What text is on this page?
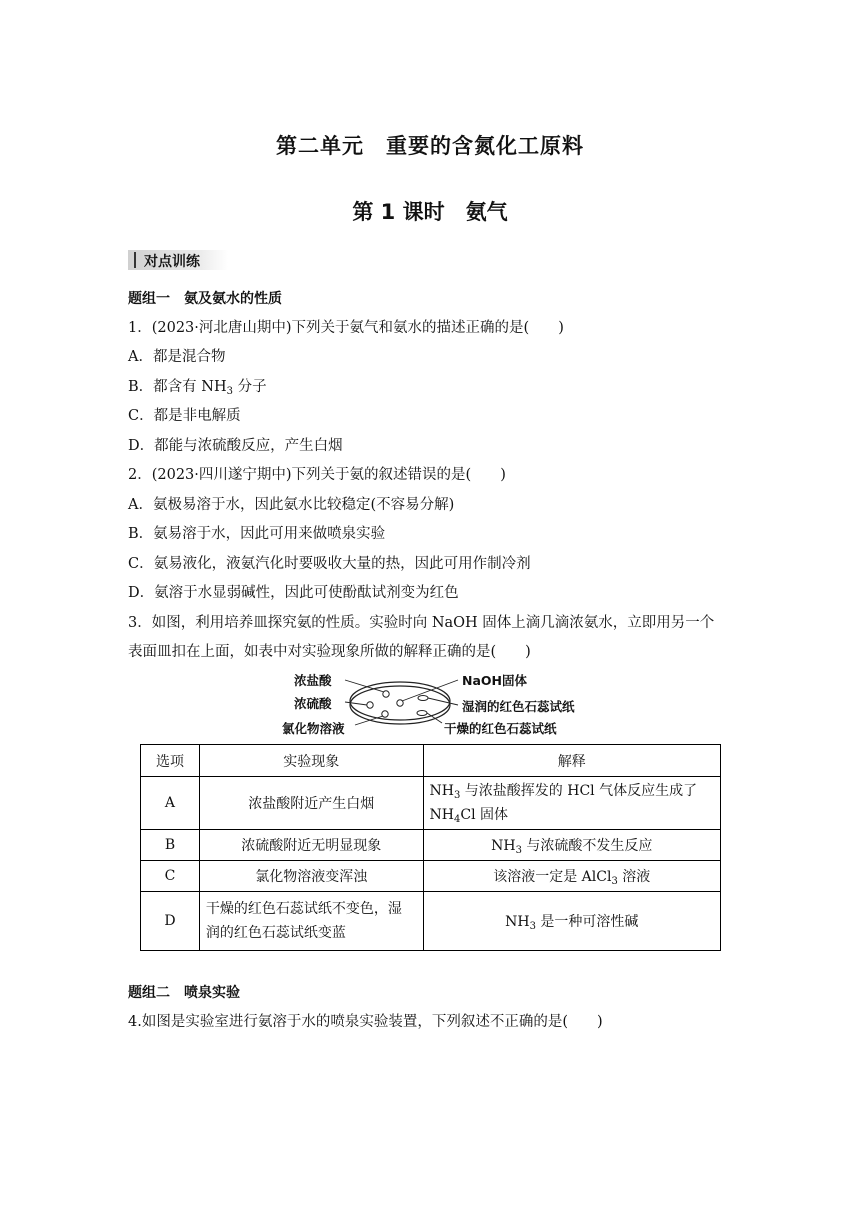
第二单元　重要的含氮化工原料
第 1 课时　氨气
对点训练
题组一　氨及氨水的性质
1．(2023·河北唐山期中)下列关于氨气和氨水的描述正确的是(　　)
A．都是混合物
B．都含有 $NH_3$ 分子
C．都是非电解质
D．都能与浓硫酸反应，产生白烟
2．(2023·四川遂宁期中)下列关于氨的叙述错误的是(　　)
A．氨极易溶于水，因此氨水比较稳定(不容易分解)
B．氨易溶于水，因此可用来做喷泉实验
C．氨易液化，液氨汽化时要吸收大量的热，因此可用作制冷剂
D．氨溶于水显弱碱性，因此可使酚酞试剂变为红色
3．如图，利用培养皿探究氨的性质。实验时向 NaOH 固体上滴几滴浓氨水，立即用另一个
表面皿扣在上面，如表中对实验现象所做的解释正确的是(　　)
浓盐酸
浓硫酸
氯化物溶液
NaOH固体
湿润的红色石蕊试纸
干燥的红色石蕊试纸
选项	实验现象	解释
A	浓盐酸附近产生白烟	$NH_3$ 与浓盐酸挥发的 HCl 气体反应生成了
$NH_4Cl$ 固体

B	浓硫酸附近无明显现象	$NH_3$ 与浓硫酸不发生反应
C	氯化物溶液变浑浊	该溶液一定是 AlCl$_3$ 溶液
D	干燥的红色石蕊试纸不变色，湿
润的红色石蕊试纸变蓝	$NH_3$ 是一种可溶性碱
题组二　喷泉实验
4.如图是实验室进行氨溶于水的喷泉实验装置，下列叙述不正确的是(　　)
